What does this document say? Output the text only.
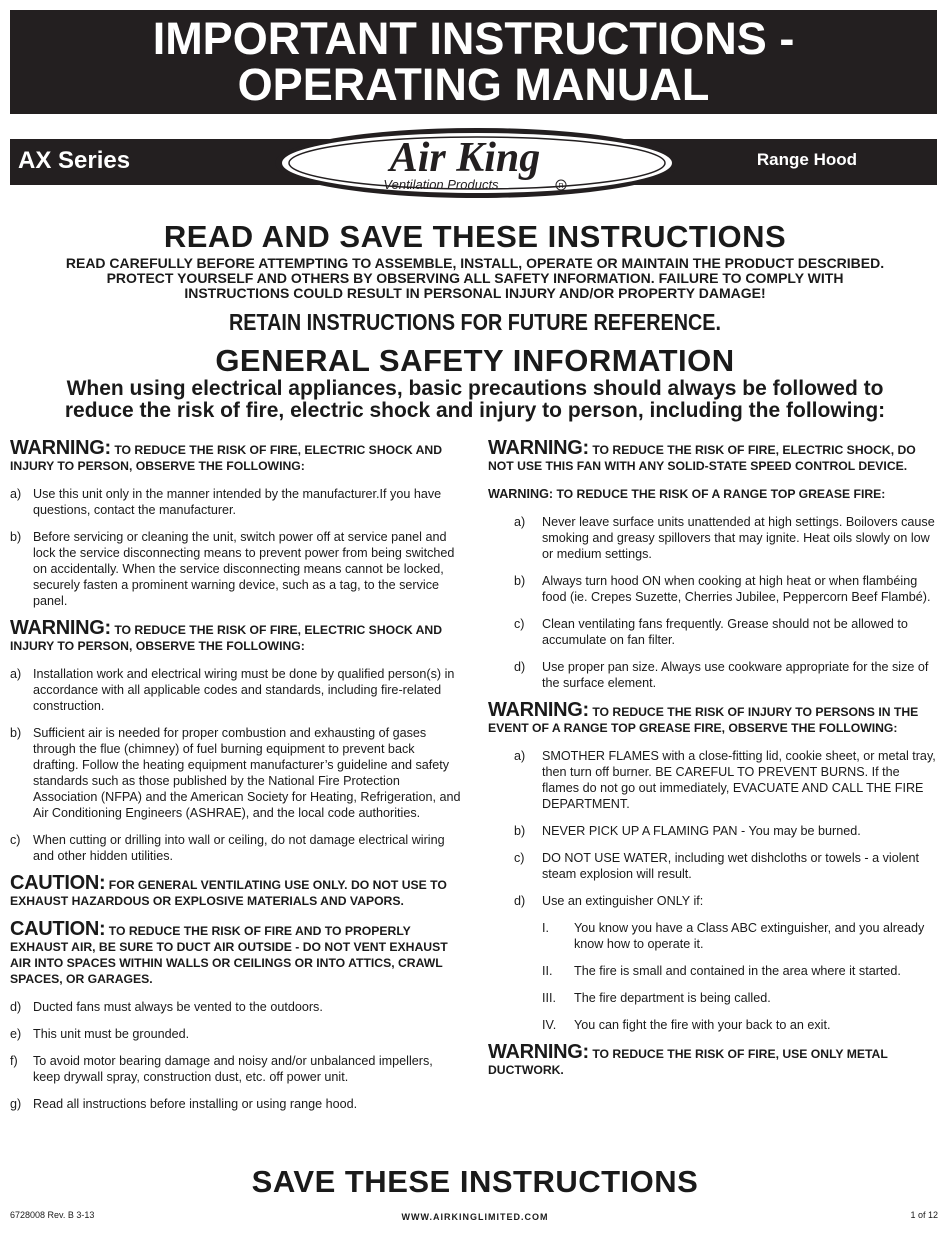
IMPORTANT INSTRUCTIONS -
OPERATING MANUAL
AX Series	Range Hood
Air King
Ventilation Products	R
READ AND SAVE THESE INSTRUCTIONS
READ CAREFULLY BEFORE ATTEMPTING TO ASSEMBLE, INSTALL, OPERATE OR MAINTAIN THE PRODUCT DESCRIBED.
PROTECT YOURSELF AND OTHERS BY OBSERVING ALL SAFETY INFORMATION. FAILURE TO COMPLY WITH
INSTRUCTIONS COULD RESULT IN PERSONAL INJURY AND/OR PROPERTY DAMAGE!
RETAIN INSTRUCTIONS FOR FUTURE REFERENCE.
GENERAL SAFETY INFORMATION
When using electrical appliances, basic precautions should always be followed to
reduce the risk of fire, electric shock and injury to person, including the following:

WARNING: TO REDUCE THE RISK OF FIRE, ELECTRIC SHOCK AND INJURY TO PERSON, OBSERVE THE FOLLOWING:

a) Use this unit only in the manner intended by the manufacturer.If you have questions, contact the manufacturer.
b) Before servicing or cleaning the unit, switch power off at service panel and lock the service disconnecting means to prevent power from being switched on accidentally. When the service disconnecting means cannot be locked, securely fasten a prominent warning device, such as a tag, to the service panel.

WARNING: TO REDUCE THE RISK OF FIRE, ELECTRIC SHOCK AND INJURY TO PERSON, OBSERVE THE FOLLOWING:

a) Installation work and electrical wiring must be done by qualified person(s) in accordance with all applicable codes and standards, including fire-related construction.
b) Sufficient air is needed for proper combustion and exhausting of gases through the flue (chimney) of fuel burning equipment to prevent back drafting. Follow the heating equipment manufacturer’s guideline and safety standards such as those published by the National Fire Protection Association (NFPA) and the American Society for Heating, Refrigeration, and Air Conditioning Engineers (ASHRAE), and the local code authorities.
c) When cutting or drilling into wall or ceiling, do not damage electrical wiring and other hidden utilities.

CAUTION: FOR GENERAL VENTILATING USE ONLY. DO NOT USE TO EXHAUST HAZARDOUS OR EXPLOSIVE MATERIALS AND VAPORS.

CAUTION: TO REDUCE THE RISK OF FIRE AND TO PROPERLY EXHAUST AIR, BE SURE TO DUCT AIR OUTSIDE - DO NOT VENT EXHAUST AIR INTO SPACES WITHIN WALLS OR CEILINGS OR INTO ATTICS, CRAWL SPACES, OR GARAGES.

d) Ducted fans must always be vented to the outdoors.
e) This unit must be grounded.
f)	To avoid motor bearing damage and noisy and/or unbalanced impellers, keep drywall spray, construction dust, etc. off power unit.
g) Read all instructions before installing or using range hood.

WARNING: TO REDUCE THE RISK OF FIRE, ELECTRIC SHOCK, DO NOT USE THIS FAN WITH ANY SOLID-STATE SPEED CONTROL DEVICE.

WARNING: TO REDUCE THE RISK OF A RANGE TOP GREASE FIRE:

a)	Never leave surface units unattended at high settings. Boilovers cause smoking and greasy spillovers that may ignite. Heat oils slowly on low or medium settings.
b)	Always turn hood ON when cooking at high heat or when flambéing food (ie. Crepes Suzette, Cherries Jubilee, Peppercorn Beef Flambé).
c)	Clean ventilating fans frequently. Grease should not be allowed to accumulate on fan filter.
d)	Use proper pan size. Always use cookware appropriate for the size of the surface element.

WARNING: TO REDUCE THE RISK OF INJURY TO PERSONS IN THE EVENT OF A RANGE TOP GREASE FIRE, OBSERVE THE FOLLOWING:

a)	SMOTHER FLAMES with a close-fitting lid, cookie sheet, or metal tray, then turn off burner. BE CAREFUL TO PREVENT BURNS. If the flames do not go out immediately, EVACUATE AND CALL THE FIRE DEPARTMENT.
b)	NEVER PICK UP A FLAMING PAN - You may be burned.
c)	DO NOT USE WATER, including wet dishcloths or towels - a violent steam explosion will result.
d)	Use an extinguisher ONLY if:
I.	You know you have a Class ABC extinguisher, and you already know how to operate it.
II.	The fire is small and contained in the area where it started.
III.	The fire department is being called.
IV.	You can fight the fire with your back to an exit.

WARNING: TO REDUCE THE RISK OF FIRE, USE ONLY METAL DUCTWORK.

SAVE THESE INSTRUCTIONS
6728008 Rev. B 3-13	WWW.AIRKINGLIMITED.COM	1 of 12
